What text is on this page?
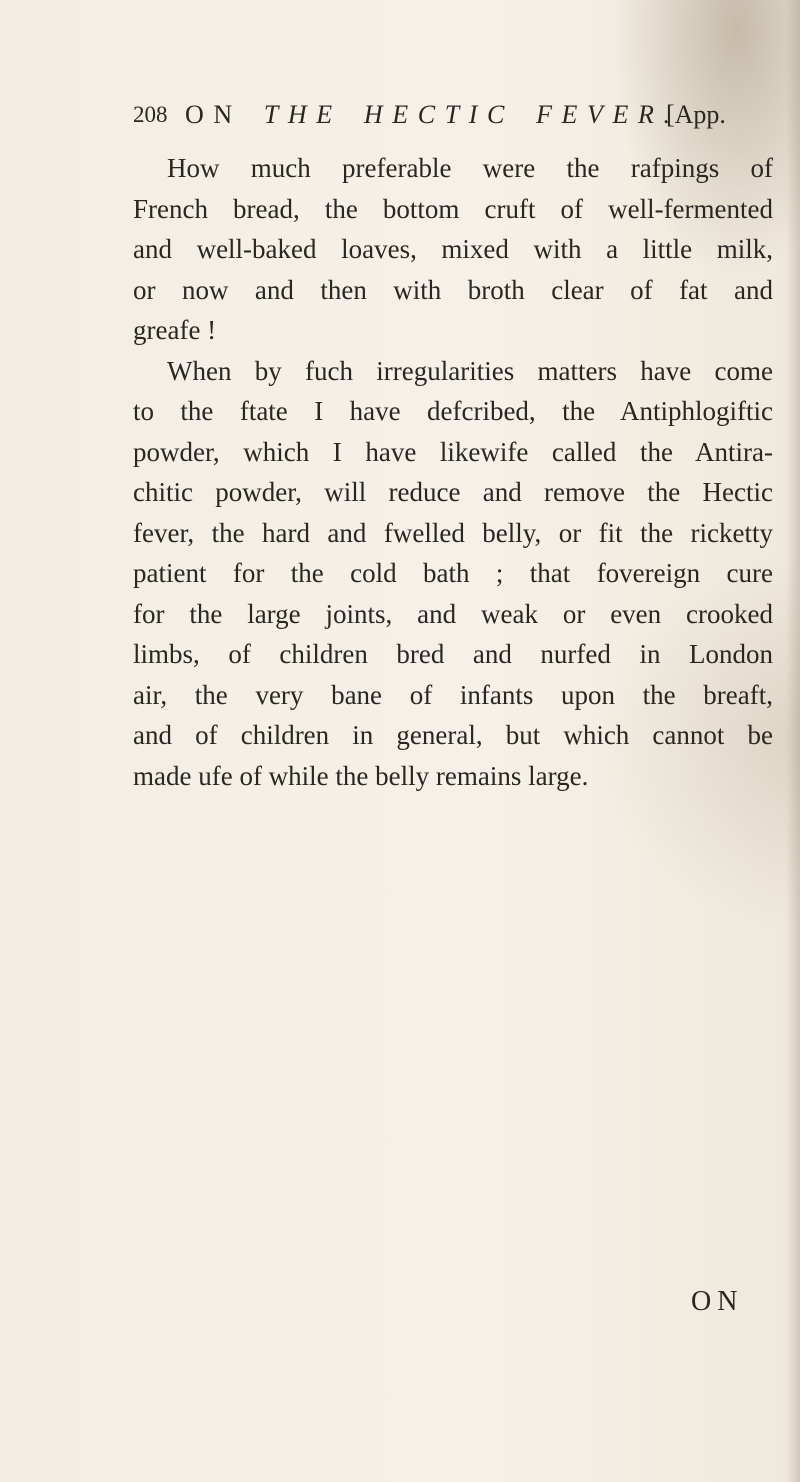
208 ON THE HECTIC FEVER.
[App.

How much preferable were the rafpings of
French bread, the bottom cruft of well-fermented
and well-baked loaves, mixed with a little milk,
or now and then with broth clear of fat and
greafe !

When by fuch irregularities matters have come
to the ftate I have defcribed, the Antiphlogiftic
powder, which I have likewife called the Antira-
chitic powder, will reduce and remove the Hectic
fever, the hard and fwelled belly, or fit the ricketty
patient for the cold bath ; that fovereign cure
for the large joints, and weak or even crooked
limbs, of children bred and nurfed in London
air, the very bane of infants upon the breaft,
and of children in general, but which cannot be
made ufe of while the belly remains large.

ON
